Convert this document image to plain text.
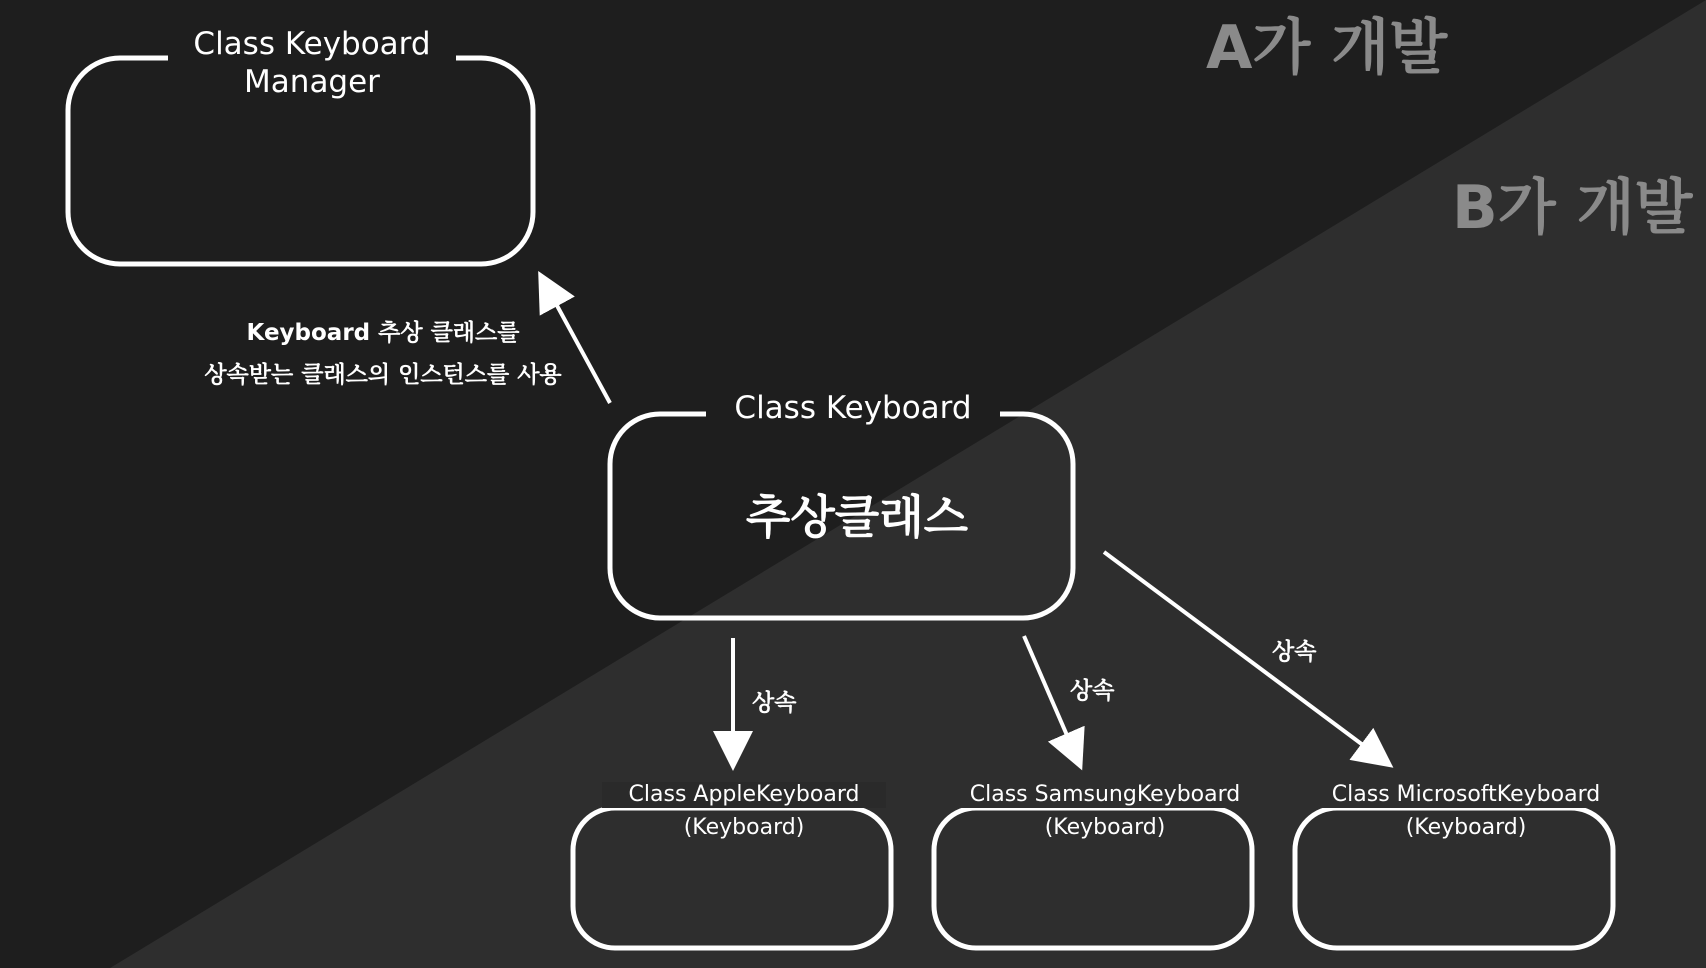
A가 개발
B가 개발
Class Keyboard
Manager
Keyboard 추상 클래스를
상속받는 클래스의 인스턴스를 사용
Class Keyboard
추상클래스
Class AppleKeyboard
(Keyboard)
Class SamsungKeyboard
(Keyboard)
Class MicrosoftKeyboard
(Keyboard)
상속	상속
상속
